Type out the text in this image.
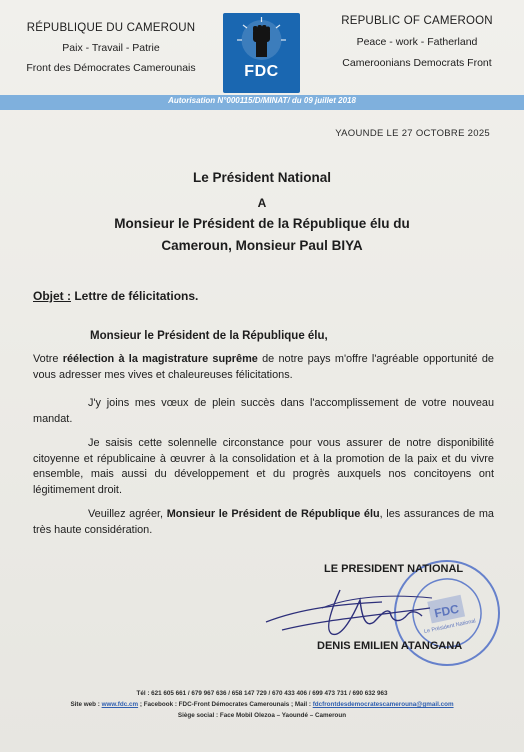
RÉPUBLIQUE DU CAMEROUN
Paix - Travail - Patrie
Front des Démocrates Camerounais	FDC
REPUBLIC OF CAMEROON
Peace - work - Fatherland
Cameroonians Democrats Front
Autorisation N°000115/D/MINAT/ du 09 juillet 2018
YAOUNDE LE 27 OCTOBRE 2025
Le Président National
A
Monsieur le Président de la République élu du
Cameroun, Monsieur Paul BIYA
Objet : Lettre de félicitations.
Monsieur le Président de la République élu,
Votre réélection à la magistrature suprême de notre pays m'offre l'agréable opportunité de vous adresser mes vives et chaleureuses félicitations.
J'y joins mes vœux de plein succès dans l'accomplissement de votre nouveau mandat.
Je saisis cette solennelle circonstance pour vous assurer de notre disponibilité citoyenne et républicaine à œuvrer à la consolidation et à la promotion de la paix et du vivre ensemble, mais aussi du développement et du progrès auxquels nos concitoyens ont légitimement droit.
Veuillez agréer, Monsieur le Président de République élu, les assurances de ma très haute considération.
FDC
Le Président National
LE PRESIDENT NATIONAL
DENIS EMILIEN ATANGANA
Tél : 621 605 661 / 679 967 636 / 658 147 729 / 670 433 406 / 699 473 731 / 690 632 963
Site web : www.fdc.cm ; Facebook : FDC-Front Démocrates Camerounais ; Mail : fdcfrontdesdemocratescamerouna@gmail.com
Siège social : Face Mobil Olezoa – Yaoundé – Cameroun
